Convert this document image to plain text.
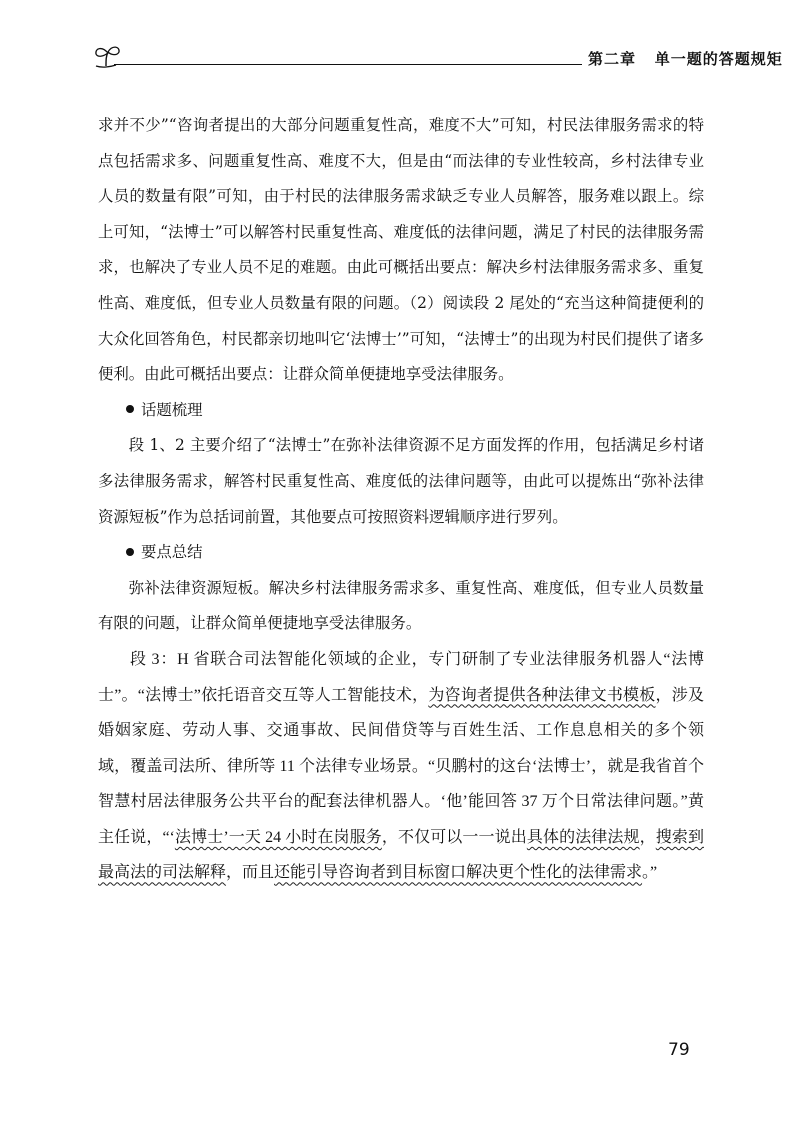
第二章 单一题的答题规矩

求并不少”“咨询者提出的大部分问题重复性高，难度不大”可知，村民法律服务需求的特点包括需求多、问题重复性高、难度不大，但是由“而法律的专业性较高，乡村法律专业人员的数量有限”可知，由于村民的法律服务需求缺乏专业人员解答，服务难以跟上。综上可知，“法博士”可以解答村民重复性高、难度低的法律问题，满足了村民的法律服务需求，也解决了专业人员不足的难题。由此可概括出要点：解决乡村法律服务需求多、重复性高、难度低，但专业人员数量有限的问题。（2）阅读段 2 尾处的“充当这种简捷便利的大众化回答角色，村民都亲切地叫它‘法博士’”可知，“法博士”的出现为村民们提供了诸多便利。由此可概括出要点：让群众简单便捷地享受法律服务。

话题梳理

段 1、2 主要介绍了“法博士”在弥补法律资源不足方面发挥的作用，包括满足乡村诸多法律服务需求，解答村民重复性高、难度低的法律问题等，由此可以提炼出“弥补法律资源短板”作为总括词前置，其他要点可按照资料逻辑顺序进行罗列。

要点总结

弥补法律资源短板。解决乡村法律服务需求多、重复性高、难度低，但专业人员数量有限的问题，让群众简单便捷地享受法律服务。

段 3：H 省联合司法智能化领域的企业，专门研制了专业法律服务机器人“法博士”。“法博士”依托语音交互等人工智能技术，为咨询者提供各种法律文书模板，涉及婚姻家庭、劳动人事、交通事故、民间借贷等与百姓生活、工作息息相关的多个领域，覆盖司法所、律所等 11 个法律专业场景。“贝鹏村的这台‘法博士’，就是我省首个智慧村居法律服务公共平台的配套法律机器人。‘他’能回答 37 万个日常法律问题。”黄主任说，“‘法博士’一天 24 小时在岗服务，不仅可以一一说出具体的法律法规，搜索到最高法的司法解释，而且还能引导咨询者到目标窗口解决更个性化的法律需求。”

79
